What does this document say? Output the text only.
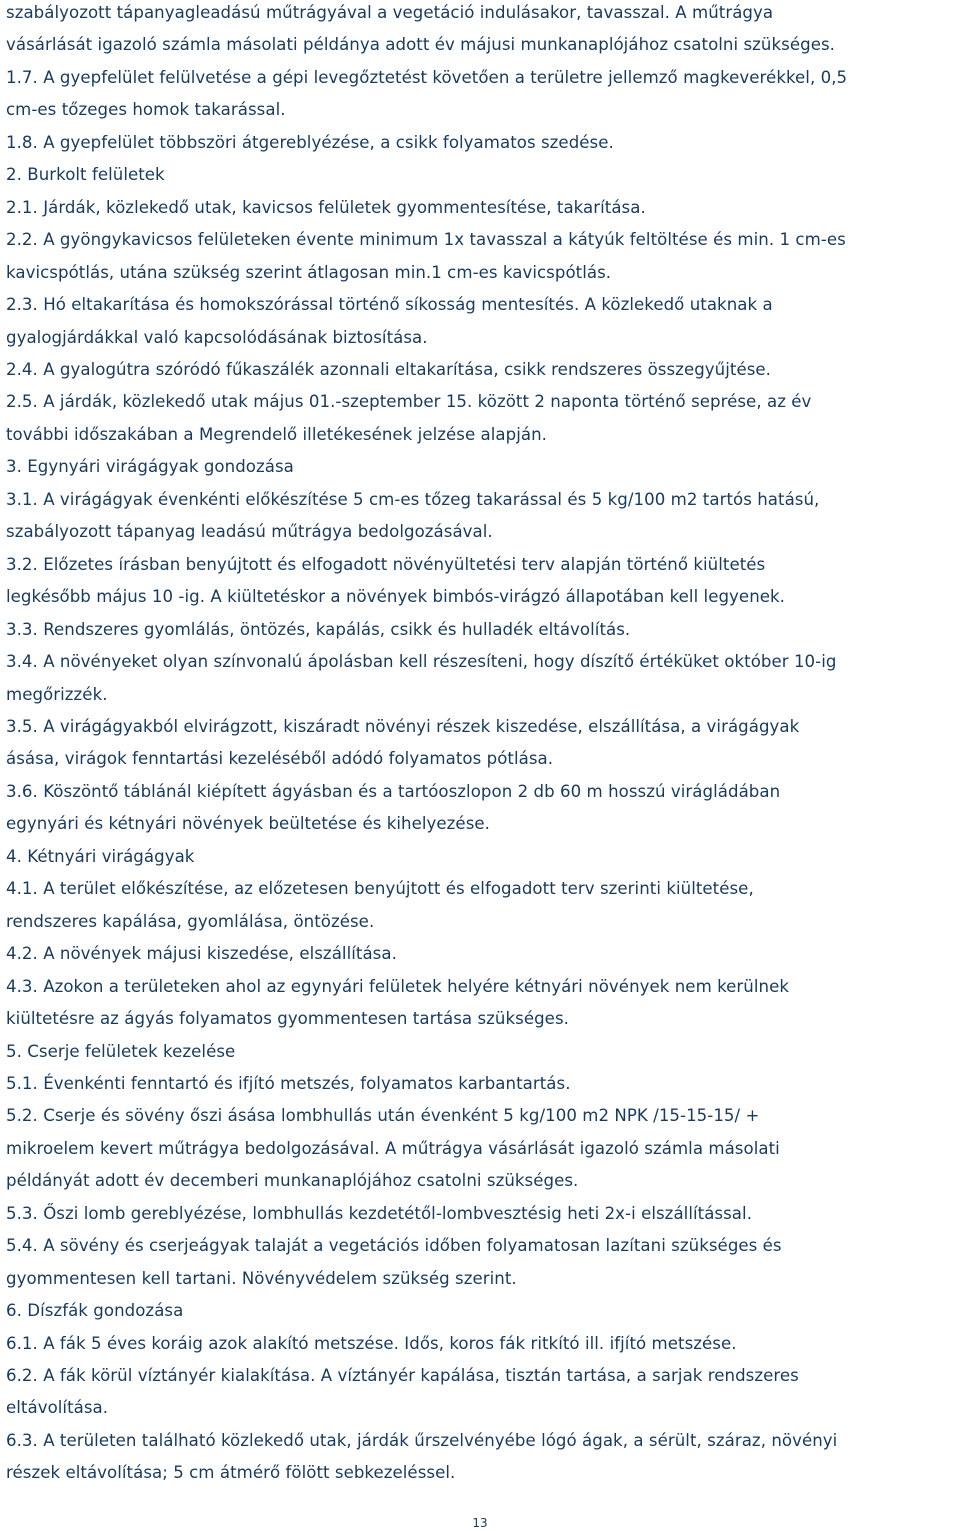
szabályozott tápanyagleadású műtrágyával a vegetáció indulásakor, tavasszal. A műtrágya
vásárlását igazoló számla másolati példánya adott év májusi munkanaplójához csatolni szükséges.
1.7. A gyepfelület felülvetése a gépi levegőztetést követően a területre jellemző magkeverékkel, 0,5
cm-es tőzeges homok takarással.
1.8. A gyepfelület többszöri átgereblyézése, a csikk folyamatos szedése.
2. Burkolt felületek
2.1. Járdák, közlekedő utak, kavicsos felületek gyommentesítése, takarítása.
2.2. A gyöngykavicsos felületeken évente minimum 1x tavasszal a kátyúk feltöltése és min. 1 cm-es
kavicspótlás, utána szükség szerint átlagosan min.1 cm-es kavicspótlás.
2.3. Hó eltakarítása és homokszórással történő síkosság mentesítés. A közlekedő utaknak a
gyalogjárdákkal való kapcsolódásának biztosítása.
2.4. A gyalogútra szóródó fűkaszálék azonnali eltakarítása, csikk rendszeres összegyűjtése.
2.5. A járdák, közlekedő utak május 01.-szeptember 15. között 2 naponta történő seprése, az év
további időszakában a Megrendelő illetékesének jelzése alapján.
3. Egynyári virágágyak gondozása
3.1. A virágágyak évenkénti előkészítése 5 cm-es tőzeg takarással és 5 kg/100 m2 tartós hatású,
szabályozott tápanyag leadású műtrágya bedolgozásával.
3.2. Előzetes írásban benyújtott és elfogadott növényültetési terv alapján történő kiültetés
legkésőbb május 10 -ig. A kiültetéskor a növények bimbós-virágzó állapotában kell legyenek.
3.3. Rendszeres gyomlálás, öntözés, kapálás, csikk és hulladék eltávolítás.
3.4. A növényeket olyan színvonalú ápolásban kell részesíteni, hogy díszítő értéküket október 10-ig
megőrizzék.
3.5. A virágágyakból elvirágzott, kiszáradt növényi részek kiszedése, elszállítása, a virágágyak
ásása, virágok fenntartási kezeléséből adódó folyamatos pótlása.
3.6. Köszöntő táblánál kiépített ágyásban és a tartóoszlopon 2 db 60 m hosszú virágládában
egynyári és kétnyári növények beültetése és kihelyezése.
4. Kétnyári virágágyak
4.1. A terület előkészítése, az előzetesen benyújtott és elfogadott terv szerinti kiültetése,
rendszeres kapálása, gyomlálása, öntözése.
4.2. A növények májusi kiszedése, elszállítása.
4.3. Azokon a területeken ahol az egynyári felületek helyére kétnyári növények nem kerülnek
kiültetésre az ágyás folyamatos gyommentesen tartása szükséges.
5. Cserje felületek kezelése
5.1. Évenkénti fenntartó és ifjító metszés, folyamatos karbantartás.
5.2. Cserje és sövény őszi ásása lombhullás után évenként 5 kg/100 m2 NPK /15-15-15/ +
mikroelem kevert műtrágya bedolgozásával. A műtrágya vásárlását igazoló számla másolati
példányát adott év decemberi munkanaplójához csatolni szükséges.
5.3. Őszi lomb gereblyézése, lombhullás kezdetétől-lombvesztésig heti 2x-i elszállítással.
5.4. A sövény és cserjeágyak talaját a vegetációs időben folyamatosan lazítani szükséges és
gyommentesen kell tartani. Növényvédelem szükség szerint.
6. Díszfák gondozása
6.1. A fák 5 éves koráig azok alakító metszése. Idős, koros fák ritkító ill. ifjító metszése.
6.2. A fák körül víztányér kialakítása. A víztányér kapálása, tisztán tartása, a sarjak rendszeres
eltávolítása.
6.3. A területen található közlekedő utak, járdák űrszelvényébe lógó ágak, a sérült, száraz, növényi
részek eltávolítása; 5 cm átmérő fölött sebkezeléssel.
13
